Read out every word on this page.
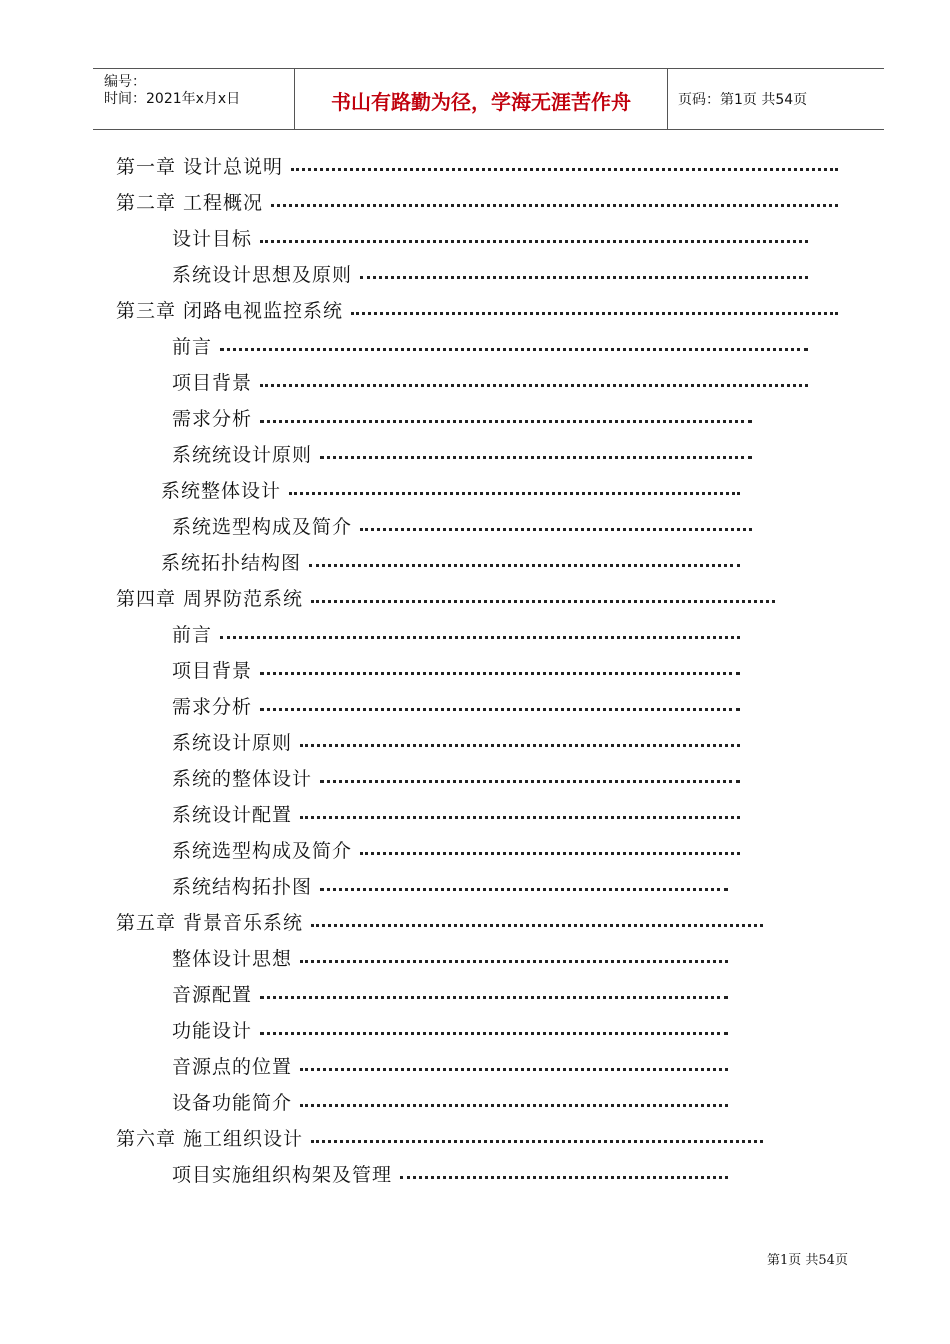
编号：
时间：2021年x月x日	书山有路勤为径，学海无涯苦作舟	页码：第1页 共54页
第一章 设计总说明
第二章 工程概况
设计目标
系统设计思想及原则
第三章 闭路电视监控系统
前言
项目背景
需求分析
系统统设计原则
系统整体设计
系统选型构成及简介
系统拓扑结构图
第四章 周界防范系统
前言
项目背景
需求分析
系统设计原则
系统的整体设计
系统设计配置
系统选型构成及简介
系统结构拓扑图
第五章 背景音乐系统
整体设计思想
音源配置
功能设计
音源点的位置
设备功能简介
第六章 施工组织设计
项目实施组织构架及管理
第1页 共54页
